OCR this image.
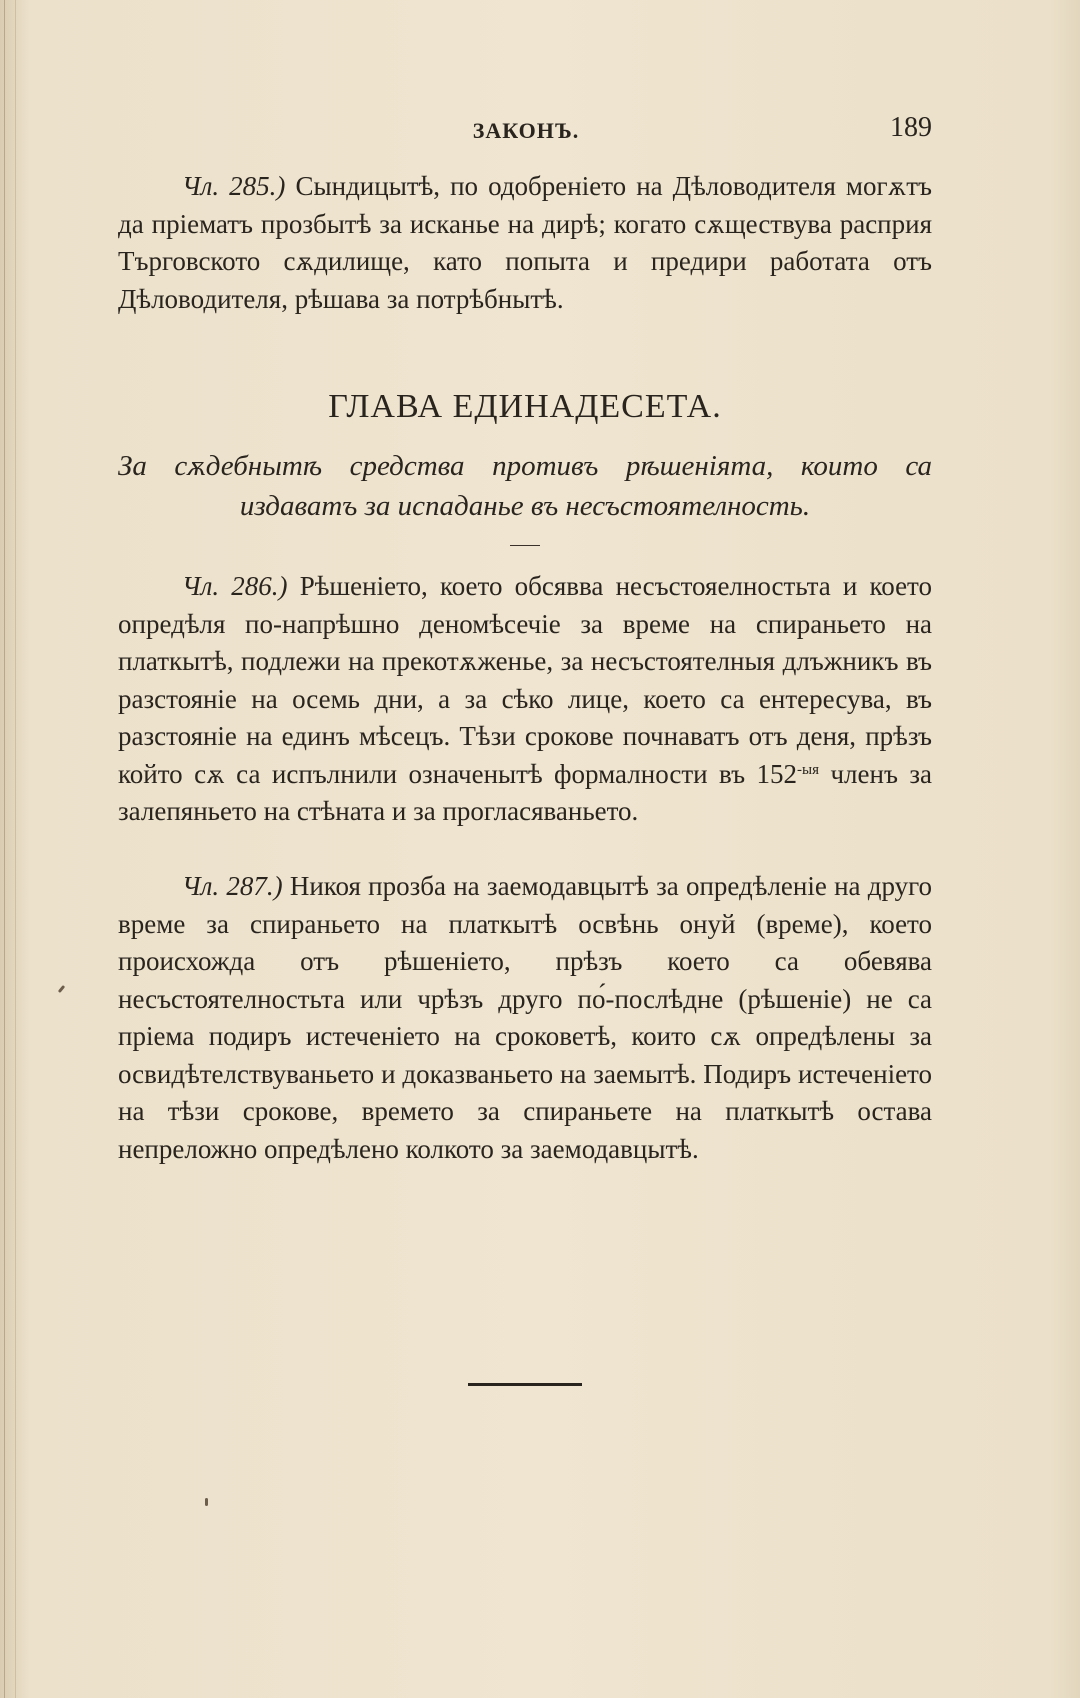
ЗАКОНЪ.	189

Чл. 285.) Сындицытѣ, по одобреніето на Дѣловодителя могѫтъ да пріематъ прозбытѣ за исканье на дирѣ; когато сѫществува расприя Търговското сѫдилище, като попыта и предири работата отъ Дѣловодителя, рѣшава за потрѣбнытѣ.

ГЛАВА ЕДИНАДЕСЕТА.
За сѫдебнытѣ средства противъ рѣшеніята, които са издаватъ за испаданье въ несъстоятелность.

Чл. 286.) Рѣшеніето, което обсявва несъстояелностьта и което опредѣля по-напрѣшно деномѣсечіе за време на спираньето на платкытѣ, подлежи на прекотѫженье, за несъстоятелныя длъжникъ въ разстояніе на осемь дни, а за сѣко лице, което са ентересува, въ разстояніе на единъ мѣсецъ. Тѣзи срокове почнаватъ отъ деня, прѣзъ който сѫ са испълнили означенытѣ формалности въ $152^{-ыя}$ членъ за залепяньето на стѣната и за прогласяваньето.

Чл. 287.) Никоя прозба на заемодавцытѣ за опредѣленіе на друго време за спираньето на платкытѣ освѣнь онуй (време), което происхожда отъ рѣшеніето, прѣзъ което са обевява несъстоятелностьта или чрѣзъ друго по́-послѣдне (рѣшеніе) не са пріема подиръ истеченіето на сроковетѣ, които сѫ опредѣлены за освидѣтелствуваньето и доказваньето на заемытѣ. Подиръ истеченіето на тѣзи срокове, времето за спираньете на платкытѣ остава непреложно опредѣлено колкото за заемодавцытѣ.
